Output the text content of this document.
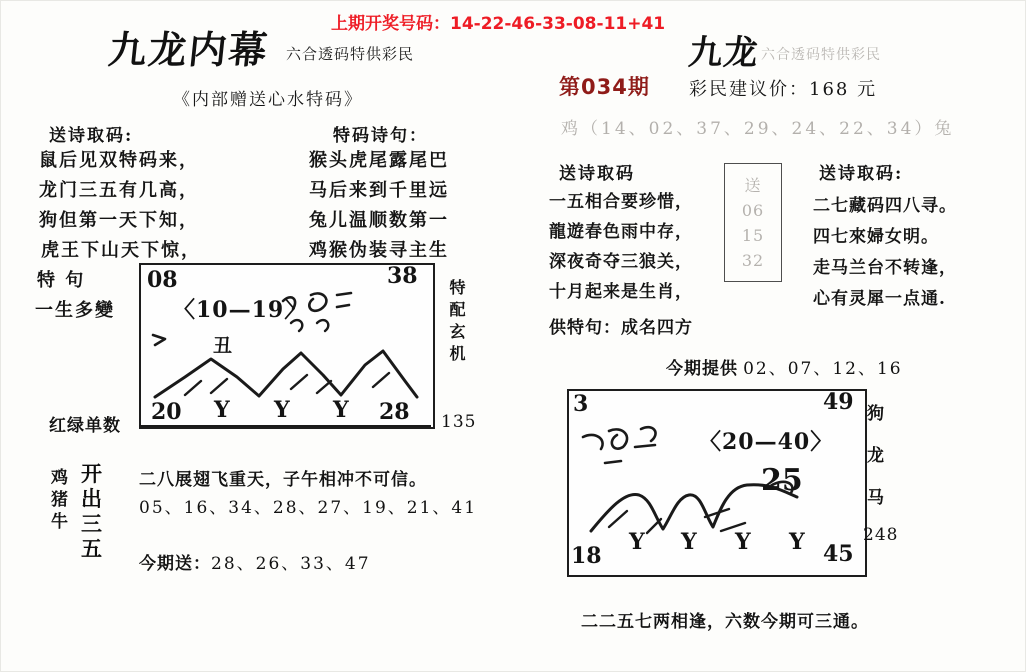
九龙内幕 六合透码特供彩民
上期开奖号码：14-22-46-33-08-11+41
九龙 六合透码特供彩民
第034期 彩民建议价：168 元
鸡（14、02、37、29、24、22、34）兔
《内部赠送心水特码》
送诗取码:
鼠后见双特码来，
龙门三五有几高，
狗但第一天下知，
虎王下山天下惊，
特 句
一生多變
特码诗句：
猴头虎尾露尾巴
马后来到千里远
兔儿温顺数第一
鸡猴伪装寻主生
特配玄机
08	38
〈10—19〉
丑
20	28
Y Y Y
红绿单数	135
鸡
猪
牛
开
出
三
五
二八展翅飞重天，子午相冲不可信。
05、16、34、28、27、19、21、41
今期送：28、26、33、47
送诗取码
一五相合要珍惜，
龍遊春色雨中存，
深夜奇夺三狼关，
十月起来是生肖，
供特句：成名四方
送
06
15
32
送诗取码:
二七藏码四八寻。
四七來婦女明。
走马兰台不转逢，
心有灵犀一点通.
今期提供 02、07、12、16
3	49
〈20—40〉
25
18	45
Y Y Y Y
狗
龙
马
248
二二五七两相逢，六数今期可三通。
